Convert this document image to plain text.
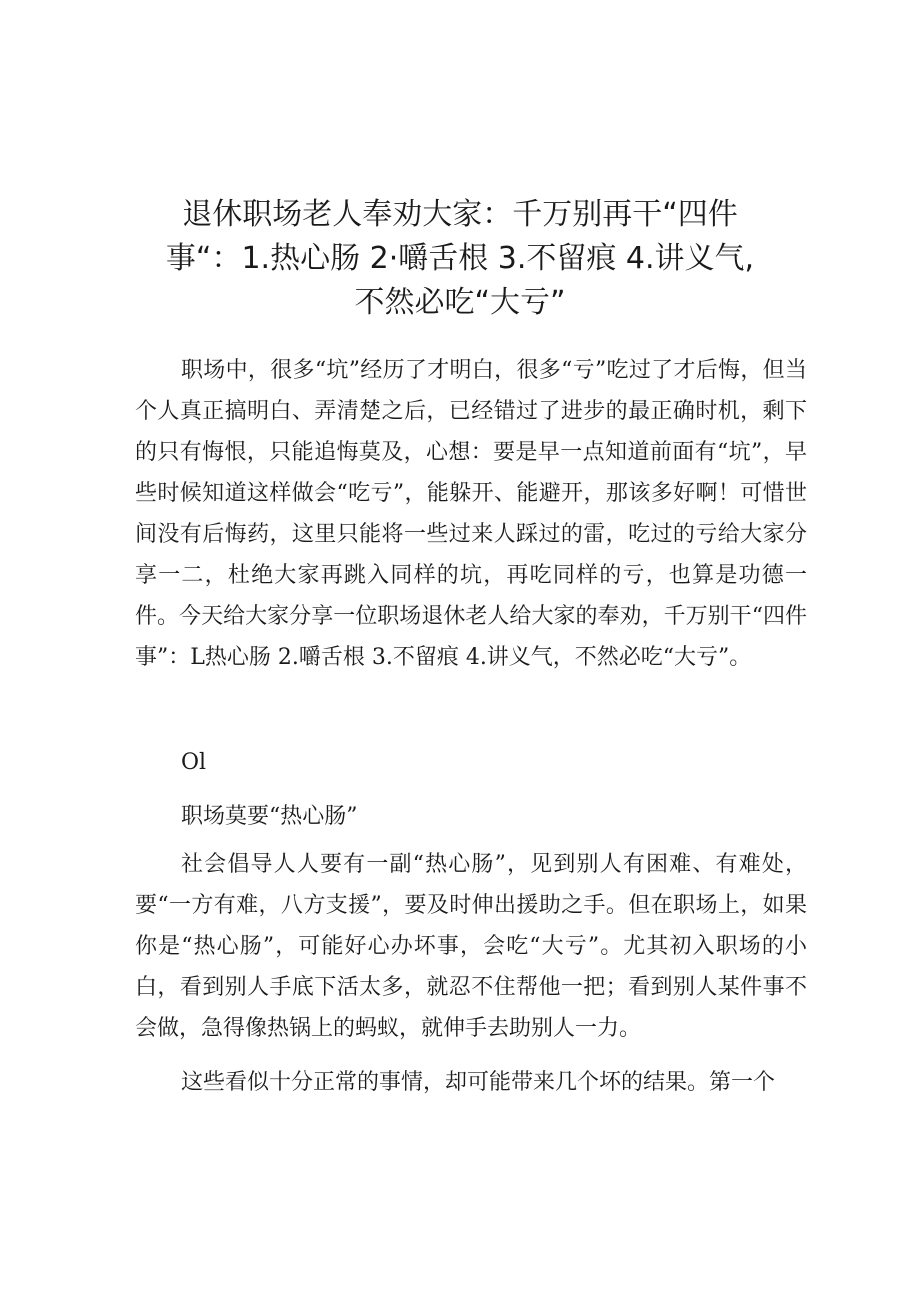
退休职场老人奉劝大家：千万别再干“四件
事“：1.热心肠 2·嚼舌根 3.不留痕 4.讲义气,
不然必吃“大亏”

职场中，很多“坑”经历了才明白，很多“亏”吃过了才后悔，但当个人真正搞明白、弄清楚之后，已经错过了进步的最正确时机，剩下的只有悔恨，只能追悔莫及，心想：要是早一点知道前面有“坑”，早些时候知道这样做会“吃亏”，能躲开、能避开，那该多好啊！可惜世间没有后悔药，这里只能将一些过来人踩过的雷，吃过的亏给大家分享一二，杜绝大家再跳入同样的坑，再吃同样的亏，也算是功德一件。今天给大家分享一位职场退休老人给大家的奉劝，千万别干“四件事”：L热心肠 2.嚼舌根 3.不留痕 4.讲义气，不然必吃“大亏”。

Ol

职场莫要“热心肠”

社会倡导人人要有一副“热心肠”，见到别人有困难、有难处，要“一方有难，八方支援”，要及时伸出援助之手。但在职场上，如果你是“热心肠”，可能好心办坏事，会吃“大亏”。尤其初入职场的小白，看到别人手底下活太多，就忍不住帮他一把；看到别人某件事不会做，急得像热锅上的蚂蚁，就伸手去助别人一力。

这些看似十分正常的事情，却可能带来几个坏的结果。第一个
